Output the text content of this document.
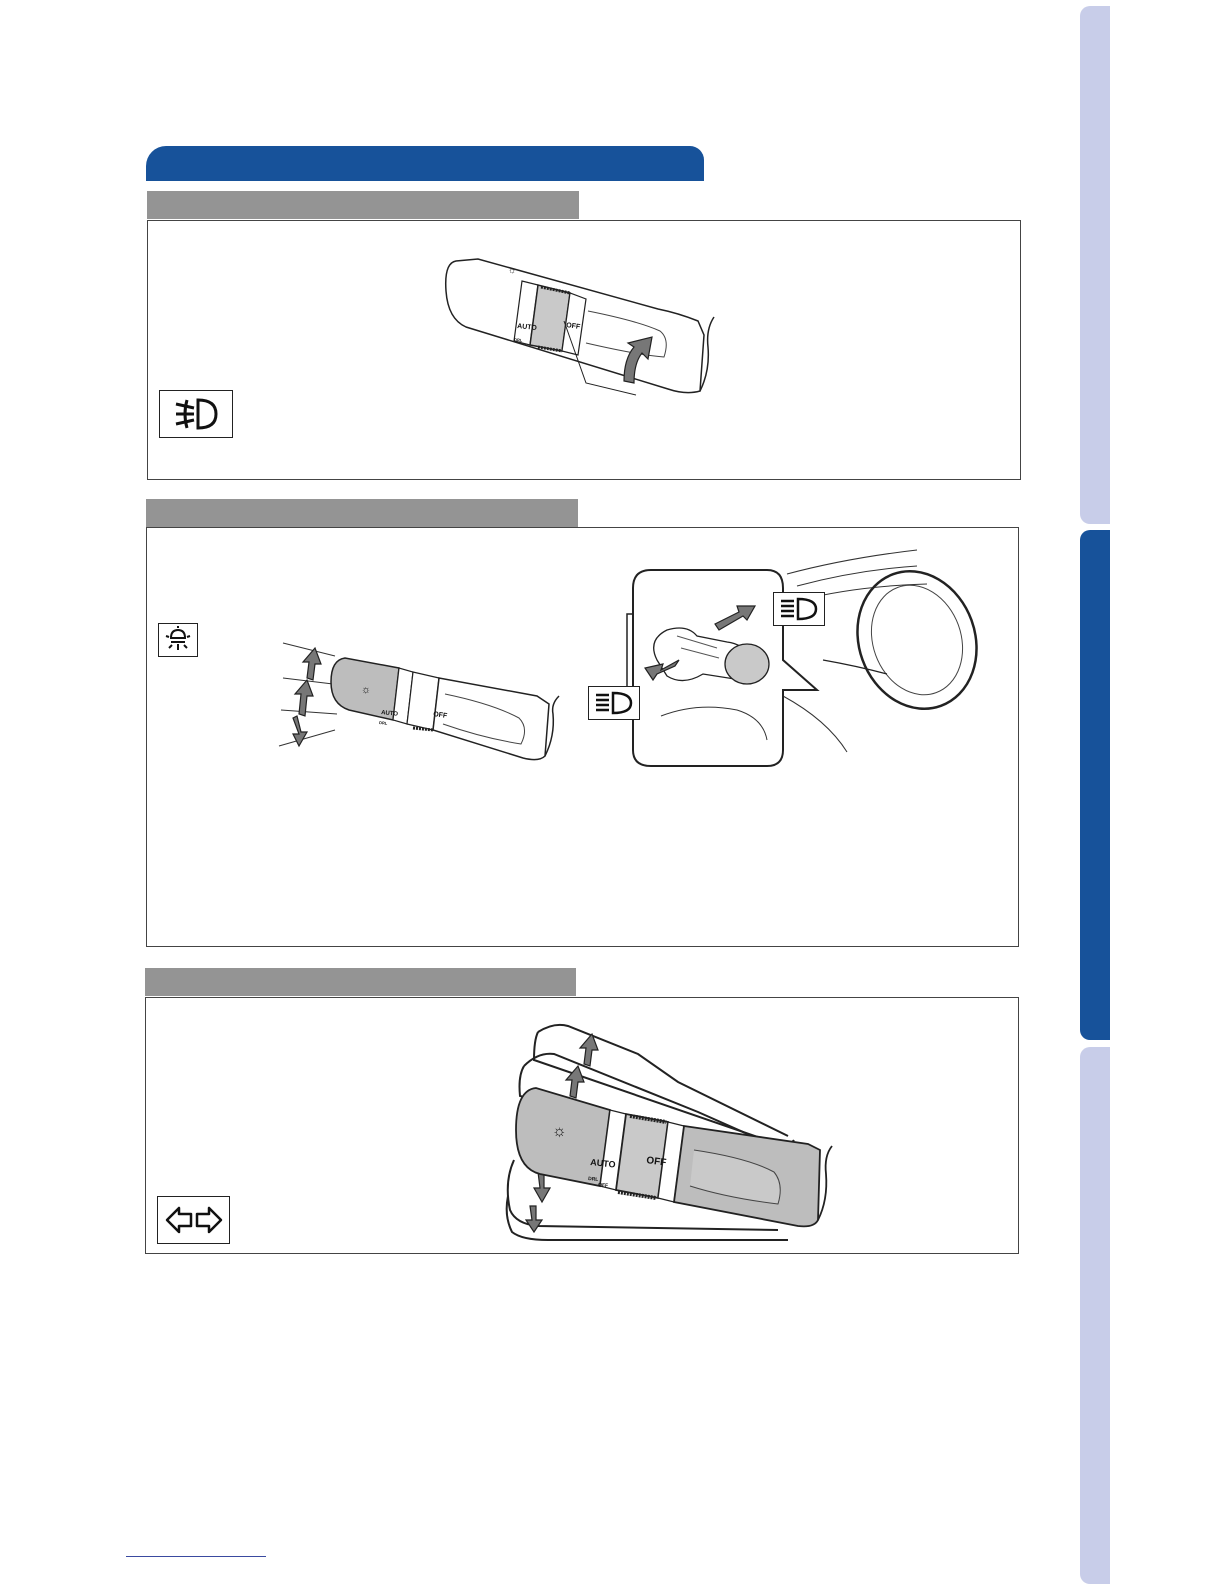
AUTO	OFF
DRL
☼
☼
AUTO	OFF
DRL
☼
AUTO	OFF
DRL
OFF
